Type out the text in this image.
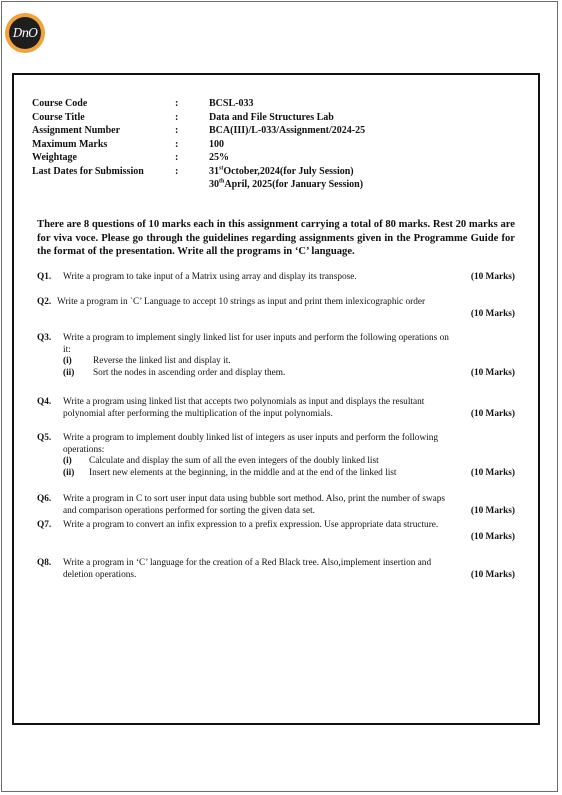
DnO
Course Code	:	BCSL-033
Course Title	:	Data and File Structures Lab
Assignment Number	:	BCA(III)/L-033/Assignment/2024-25
Maximum Marks	:	100
Weightage	:	25%
Last Dates for Submission	:	31stOctober,2024(for July Session)
30thApril, 2025(for January Session)
There are 8 questions of 10 marks each in this assignment carrying a total of 80 marks. Rest 20 marks are for viva voce. Please go through the guidelines regarding assignments given in the Programme Guide for the format of the presentation. Write all the programs in ‘C’ language.
Q1. Write a program to take input of a Matrix using array and display its transpose.	(10 Marks)
Q2. Write a program in `C’ Language to accept 10 strings as input and print them inlexicographic order
(10 Marks)
Q3. Write a program to implement singly linked list for user inputs and perform the following operations on
it:
(i)	Reverse the linked list and display it.
(ii)	Sort the nodes in ascending order and display them.	(10 Marks)
Q4. Write a program using linked list that accepts two polynomials as input and displays the resultant
polynomial after performing the multiplication of the input polynomials.	(10 Marks)
Q5. Write a program to implement doubly linked list of integers as user inputs and perform the following
operations:
(i)	Calculate and display the sum of all the even integers of the doubly linked list
(ii)	Insert new elements at the beginning, in the middle and at the end of the linked list	(10 Marks)
Q6. Write a program in C to sort user input data using bubble sort method. Also, print the number of swaps
and comparison operations performed for sorting the given data set.	(10 Marks)
Q7. Write a program to convert an infix expression to a prefix expression. Use appropriate data structure.
(10 Marks)
Q8. Write a program in ‘C’ language for the creation of a Red Black tree. Also,implement insertion and
deletion operations.	(10 Marks)
